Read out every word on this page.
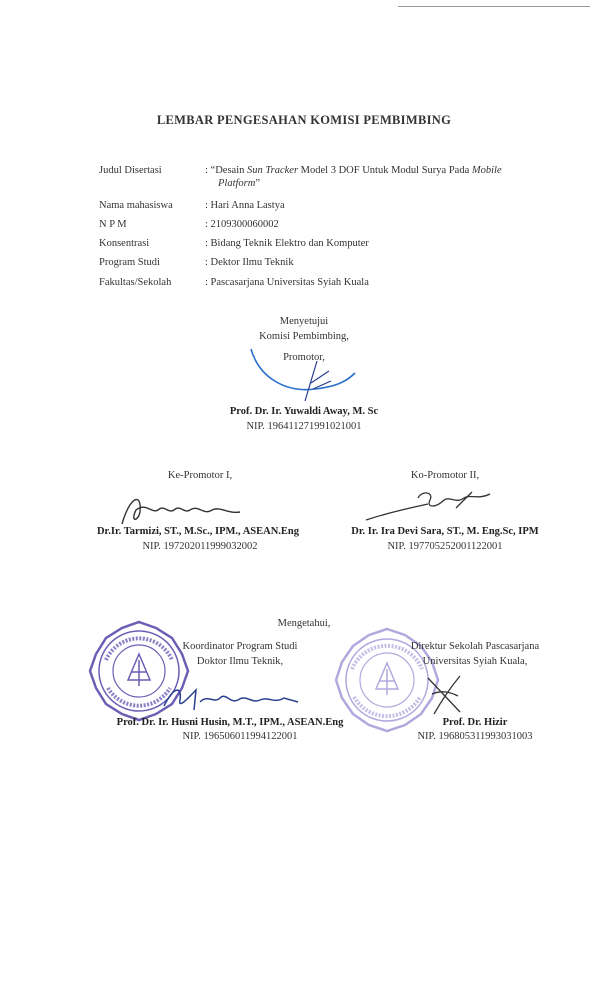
LEMBAR PENGESAHAN KOMISI PEMBIMBING
Judul Disertasi	: “Desain Sun Tracker Model 3 DOF Untuk Modul Surya Pada Mobile
Platform”
Nama mahasiswa	: Hari Anna Lastya
N P M	: 2109300060002
Konsentrasi	: Bidang Teknik Elektro dan Komputer
Program Studi	: Dektor Ilmu Teknik
Fakultas/Sekolah	: Pascasarjana Universitas Syiah Kuala
Menyetujui
Komisi Pembimbing,
Promotor,
Prof. Dr. Ir. Yuwaldi Away, M. Sc
NIP. 196411271991021001
Ke-Promotor I,
Dr.Ir. Tarmizi, ST., M.Sc., IPM., ASEAN.Eng
NIP. 197202011999032002
Ko-Promotor II,
Dr. Ir. Ira Devi Sara, ST., M. Eng.Sc, IPM
NIP. 197705252001122001
Mengetahui,
Koordinator Program Studi
Doktor Ilmu Teknik,
Prof. Dr. Ir. Husni Husin, M.T., IPM., ASEAN.Eng
NIP. 196506011994122001
Direktur Sekolah Pascasarjana
Universitas Syiah Kuala,
Prof. Dr. Hizir
NIP. 196805311993031003
